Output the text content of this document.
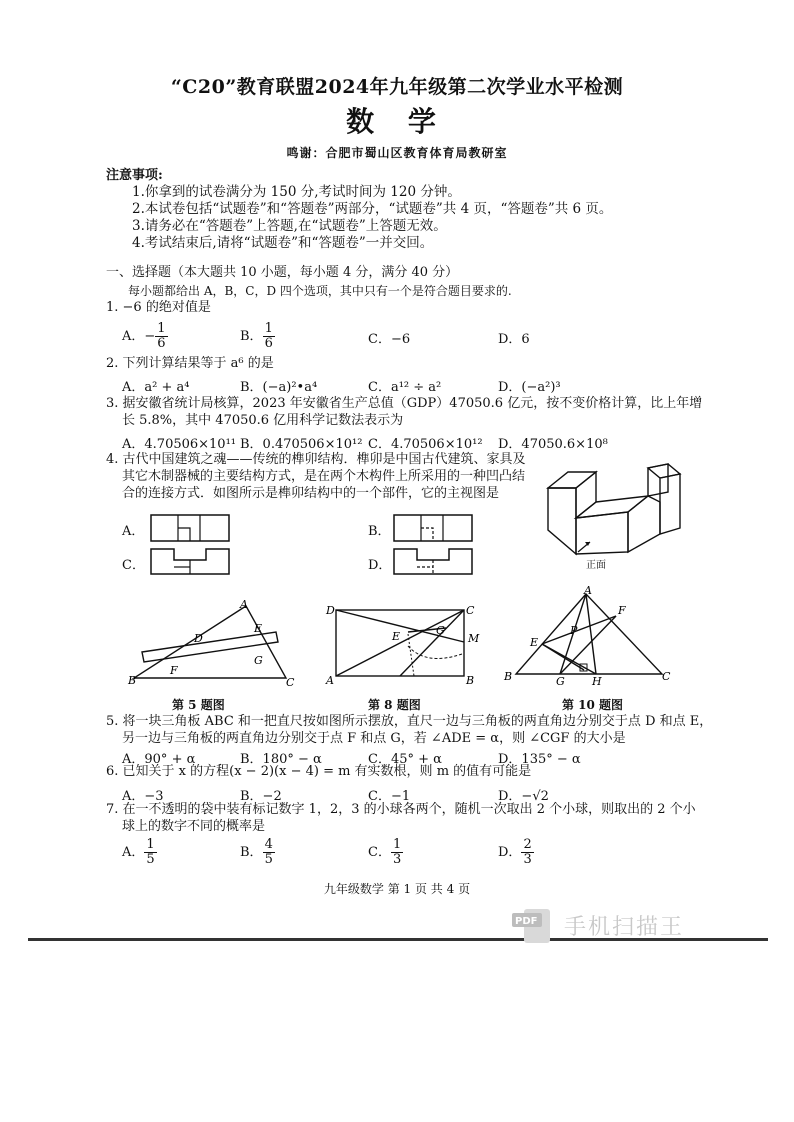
“C20”教育联盟2024年九年级第二次学业水平检测
数 学
鸣谢：合肥市蜀山区教育体育局教研室
注意事项:
1.你拿到的试卷满分为 150 分,考试时间为 120 分钟。
2.本试卷包括“试题卷”和“答题卷”两部分，“试题卷”共 4 页，“答题卷”共 6 页。
3.请务必在“答题卷”上答题,在“试题卷”上答题无效。
4.考试结束后,请将“试题卷”和“答题卷”一并交回。
一、选择题（本大题共 10 小题，每小题 4 分，满分 40 分）
每小题都给出 A，B，C，D 四个选项，其中只有一个是符合题目要求的.
1. −6 的绝对值是
A．− $\frac{1}{6}$	B． $\frac{1}{6}$	C．−6	D．6
2. 下列计算结果等于 a⁶ 的是
A．a² + a⁴	B．(−a)²•a⁴	C．a¹² ÷ a²	D．(−a²)³
3. 据安徽省统计局核算，2023 年安徽省生产总值（GDP）47050.6 亿元，按不变价格计算，比上年增
长 5.8%，其中 47050.6 亿用科学记数法表示为
A．4.70506×10¹¹ B．0.470506×10¹² C．4.70506×10¹² D．47050.6×10⁸
4. 古代中国建筑之魂——传统的榫卯结构．榫卯是中国古代建筑、家具及
其它木制器械的主要结构方式，是在两个木构件上所采用的一种凹凸结
合的连接方式．如图所示是榫卯结构中的一个部件，它的主视图是
A．	B．
C．	D．	正面
A
B	C
D
E
F
G
第 5 题图
D	C
A	B
E	G
M
第 8 题图
A
B	C
E
F
G H
P
第 10 题图
5. 将一块三角板 ABC 和一把直尺按如图所示摆放，直尺一边与三角板的两直角边分别交于点 D 和点 E，
另一边与三角板的两直角边分别交于点 F 和点 G，若 ∠ADE = α，则 ∠CGF 的大小是
A．90° + α	B．180° − α	C．45° + α	D．135° − α
6. 已知关于 x 的方程(x − 2)(x − 4) = m 有实数根，则 m 的值有可能是
A．−3	B．−2	C．−1	D．−√2
7. 在一不透明的袋中装有标记数字 1，2，3 的小球各两个，随机一次取出 2 个小球，则取出的 2 个小
球上的数字不同的概率是
A． $\frac{1}{5}$	B． $\frac{4}{5}$	C． $\frac{1}{3}$	D． $\frac{2}{3}$
九年级数学 第 1 页 共 4 页
PDF 手机扫描王
